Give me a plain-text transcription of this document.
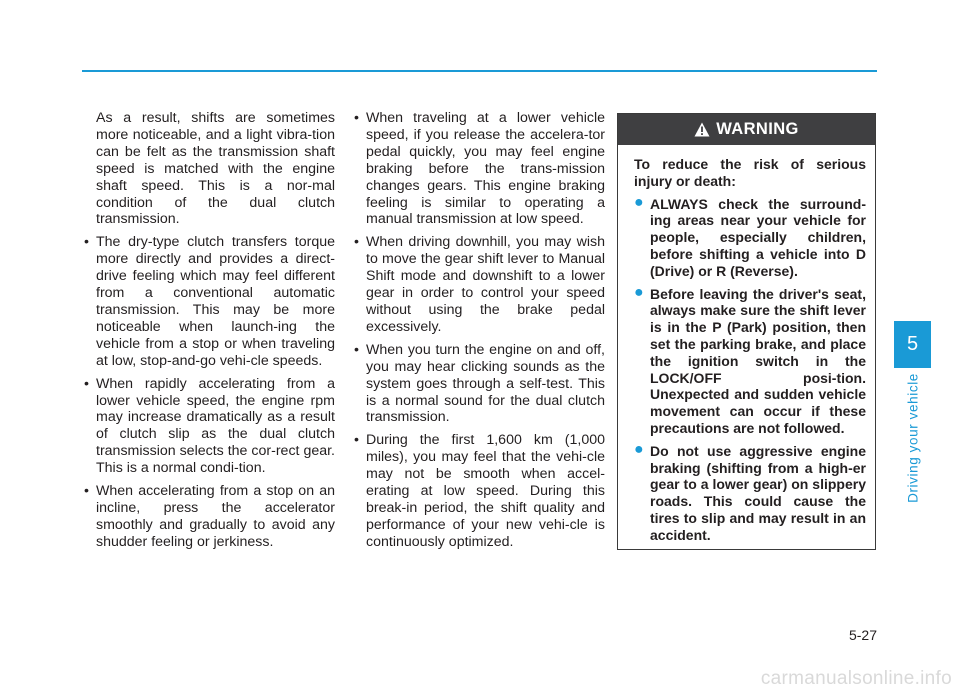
As a result, shifts are sometimes more noticeable, and a light vibra-tion can be felt as the transmission shaft speed is matched with the engine shaft speed. This is a nor-mal condition of the dual clutch transmission.

• The dry-type clutch transfers torque more directly and provides a direct-drive feeling which may feel different from a conventional automatic transmission. This may be more noticeable when launch-ing the vehicle from a stop or when traveling at low, stop-and-go vehi-cle speeds.

• When rapidly accelerating from a lower vehicle speed, the engine rpm may increase dramatically as a result of clutch slip as the dual clutch transmission selects the cor-rect gear. This is a normal condi-tion.

• When accelerating from a stop on an incline, press the accelerator smoothly and gradually to avoid any shudder feeling or jerkiness.

• When traveling at a lower vehicle speed, if you release the accelera-tor pedal quickly, you may feel engine braking before the trans-mission changes gears. This engine braking feeling is similar to operating a manual transmission at low speed.

• When driving downhill, you may wish to move the gear shift lever to Manual Shift mode and downshift to a lower gear in order to control your speed without using the brake pedal excessively.

• When you turn the engine on and off, you may hear clicking sounds as the system goes through a self-test. This is a normal sound for the dual clutch transmission.

• During the first 1,600 km (1,000 miles), you may feel that the vehi-cle may not be smooth when accel-erating at low speed. During this break-in period, the shift quality and performance of your new vehi-cle is continuously optimized.

WARNING

To reduce the risk of serious injury or death:

● ALWAYS check the surround-ing areas near your vehicle for people, especially children, before shifting a vehicle into D (Drive) or R (Reverse).
● Before leaving the driver's seat, always make sure the shift lever is in the P (Park) position, then set the parking brake, and place the ignition switch in the LOCK/OFF posi-tion. Unexpected and sudden vehicle movement can occur if these precautions are not followed.
● Do not use aggressive engine braking (shifting from a high-er gear to a lower gear) on slippery roads. This could cause the tires to slip and may result in an accident.
5
Driving your vehicle
5-27
carmanualsonline.info
